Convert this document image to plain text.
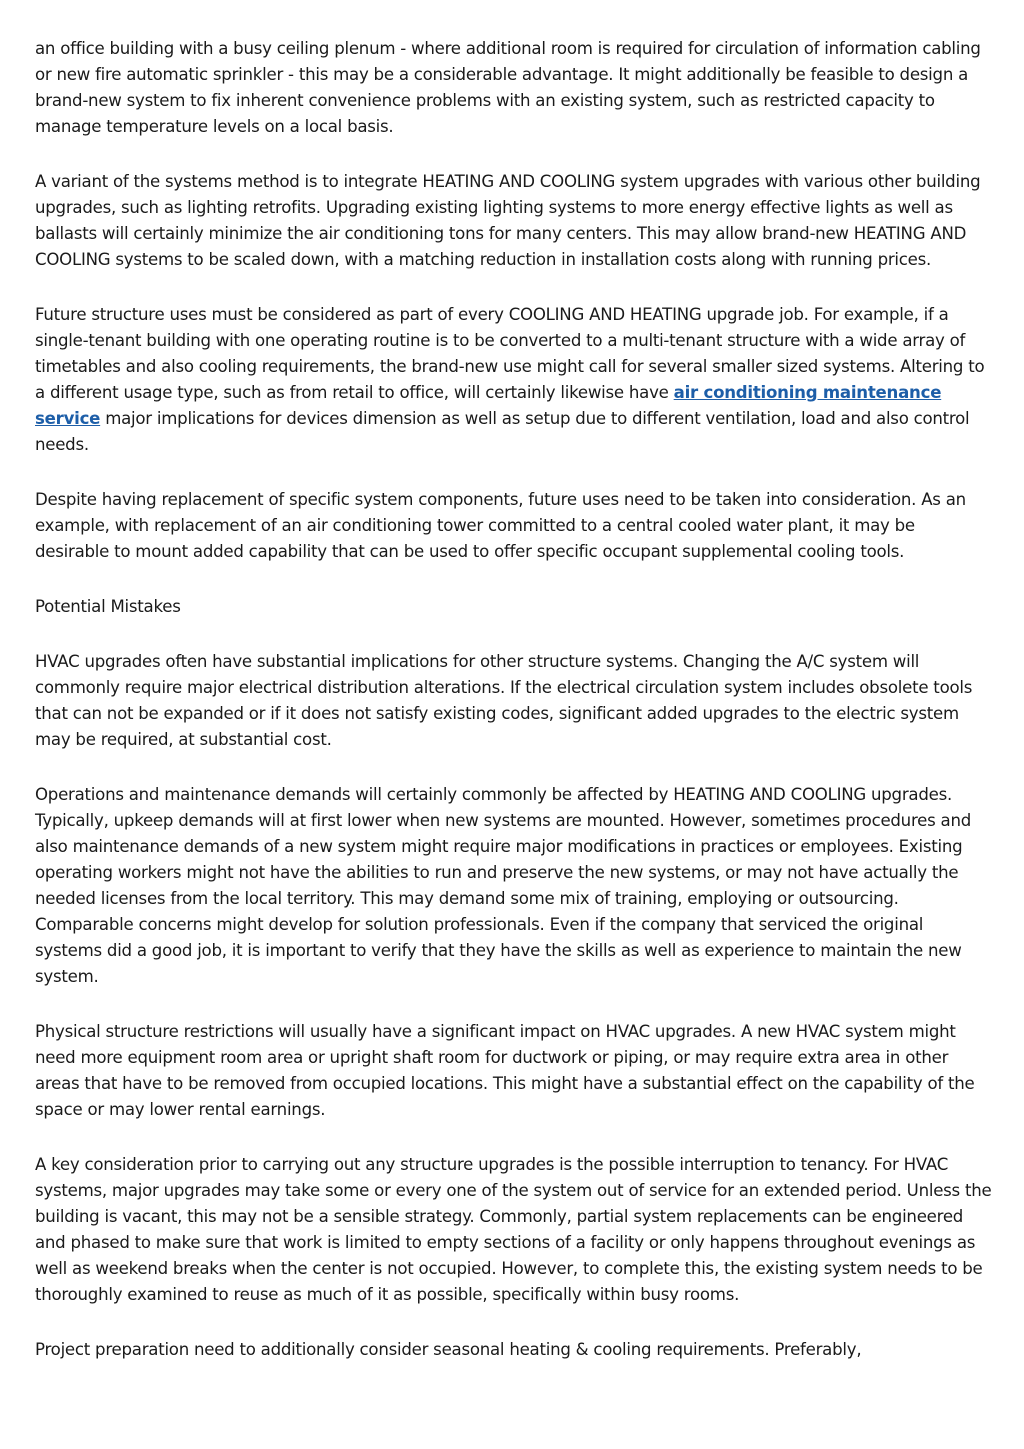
an office building with a busy ceiling plenum - where additional room is required for circulation of information cabling or new fire automatic sprinkler - this may be a considerable advantage. It might additionally be feasible to design a brand-new system to fix inherent convenience problems with an existing system, such as restricted capacity to manage temperature levels on a local basis.

A variant of the systems method is to integrate HEATING AND COOLING system upgrades with various other building upgrades, such as lighting retrofits. Upgrading existing lighting systems to more energy effective lights as well as ballasts will certainly minimize the air conditioning tons for many centers. This may allow brand-new HEATING AND COOLING systems to be scaled down, with a matching reduction in installation costs along with running prices.

Future structure uses must be considered as part of every COOLING AND HEATING upgrade job. For example, if a single-tenant building with one operating routine is to be converted to a multi-tenant structure with a wide array of timetables and also cooling requirements, the brand-new use might call for several smaller sized systems. Altering to a different usage type, such as from retail to office, will certainly likewise have air conditioning maintenance service major implications for devices dimension as well as setup due to different ventilation, load and also control needs.

Despite having replacement of specific system components, future uses need to be taken into consideration. As an example, with replacement of an air conditioning tower committed to a central cooled water plant, it may be desirable to mount added capability that can be used to offer specific occupant supplemental cooling tools.

Potential Mistakes

HVAC upgrades often have substantial implications for other structure systems. Changing the A/C system will commonly require major electrical distribution alterations. If the electrical circulation system includes obsolete tools that can not be expanded or if it does not satisfy existing codes, significant added upgrades to the electric system may be required, at substantial cost.

Operations and maintenance demands will certainly commonly be affected by HEATING AND COOLING upgrades. Typically, upkeep demands will at first lower when new systems are mounted. However, sometimes procedures and also maintenance demands of a new system might require major modifications in practices or employees. Existing operating workers might not have the abilities to run and preserve the new systems, or may not have actually the needed licenses from the local territory. This may demand some mix of training, employing or outsourcing. Comparable concerns might develop for solution professionals. Even if the company that serviced the original systems did a good job, it is important to verify that they have the skills as well as experience to maintain the new system.

Physical structure restrictions will usually have a significant impact on HVAC upgrades. A new HVAC system might need more equipment room area or upright shaft room for ductwork or piping, or may require extra area in other areas that have to be removed from occupied locations. This might have a substantial effect on the capability of the space or may lower rental earnings.

A key consideration prior to carrying out any structure upgrades is the possible interruption to tenancy. For HVAC systems, major upgrades may take some or every one of the system out of service for an extended period. Unless the building is vacant, this may not be a sensible strategy. Commonly, partial system replacements can be engineered and phased to make sure that work is limited to empty sections of a facility or only happens throughout evenings as well as weekend breaks when the center is not occupied. However, to complete this, the existing system needs to be thoroughly examined to reuse as much of it as possible, specifically within busy rooms.

Project preparation need to additionally consider seasonal heating & cooling requirements. Preferably,
